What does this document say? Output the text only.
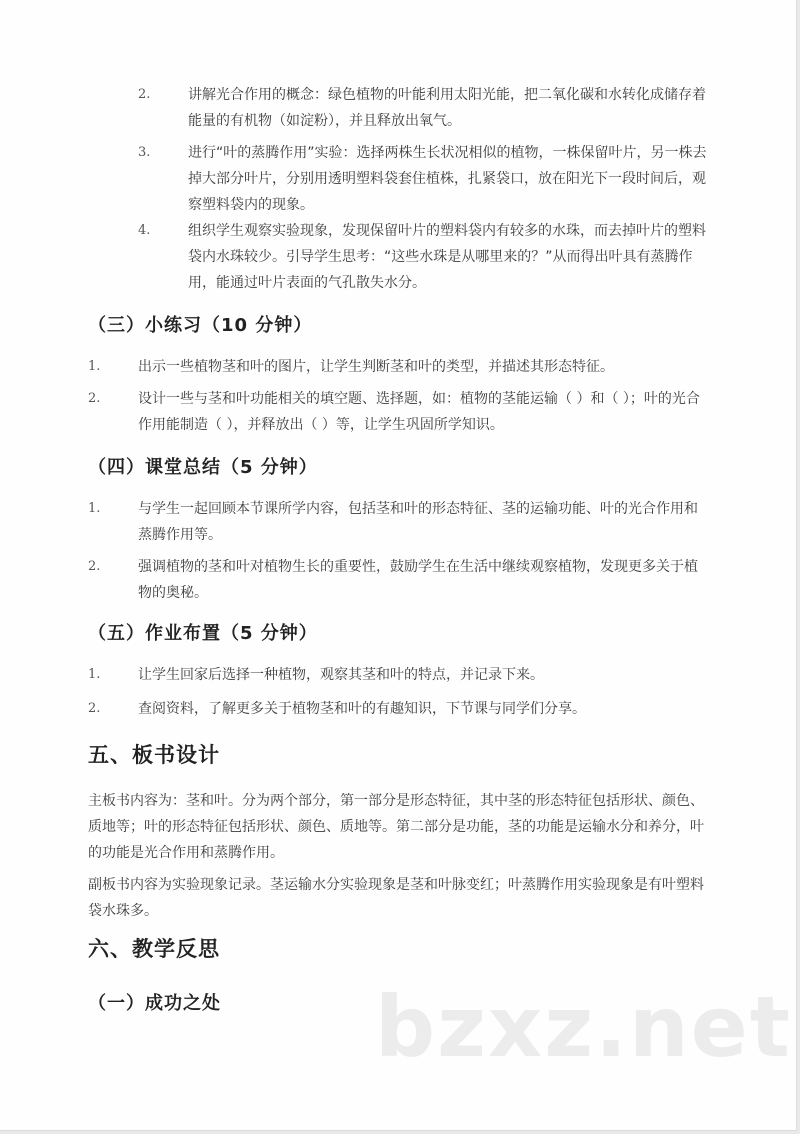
2.	讲解光合作用的概念：绿色植物的叶能利用太阳光能，把二氧化碳和水转化成储存着能量的有机物（如淀粉），并且释放出氧气。
3.	进行“叶的蒸腾作用”实验：选择两株生长状况相似的植物，一株保留叶片，另一株去掉大部分叶片，分别用透明塑料袋套住植株，扎紧袋口，放在阳光下一段时间后，观察塑料袋内的现象。
4.	组织学生观察实验现象，发现保留叶片的塑料袋内有较多的水珠，而去掉叶片的塑料袋内水珠较少。引导学生思考：“这些水珠是从哪里来的？”从而得出叶具有蒸腾作用，能通过叶片表面的气孔散失水分。
（三）小练习（10 分钟）
1.	出示一些植物茎和叶的图片，让学生判断茎和叶的类型，并描述其形态特征。
2.	设计一些与茎和叶功能相关的填空题、选择题，如：植物的茎能运输（ ）和（ ）；叶的光合作用能制造（ ），并释放出（ ）等，让学生巩固所学知识。
（四）课堂总结（5 分钟）
1.	与学生一起回顾本节课所学内容，包括茎和叶的形态特征、茎的运输功能、叶的光合作用和蒸腾作用等。
2.	强调植物的茎和叶对植物生长的重要性，鼓励学生在生活中继续观察植物，发现更多关于植物的奥秘。
（五）作业布置（5 分钟）
1.	让学生回家后选择一种植物，观察其茎和叶的特点，并记录下来。
2.	查阅资料，了解更多关于植物茎和叶的有趣知识，下节课与同学们分享。
五、板书设计
主板书内容为：茎和叶。分为两个部分，第一部分是形态特征，其中茎的形态特征包括形状、颜色、质地等；叶的形态特征包括形状、颜色、质地等。第二部分是功能，茎的功能是运输水分和养分，叶的功能是光合作用和蒸腾作用。
副板书内容为实验现象记录。茎运输水分实验现象是茎和叶脉变红；叶蒸腾作用实验现象是有叶塑料袋水珠多。
六、教学反思
（一）成功之处 bzxz.net
